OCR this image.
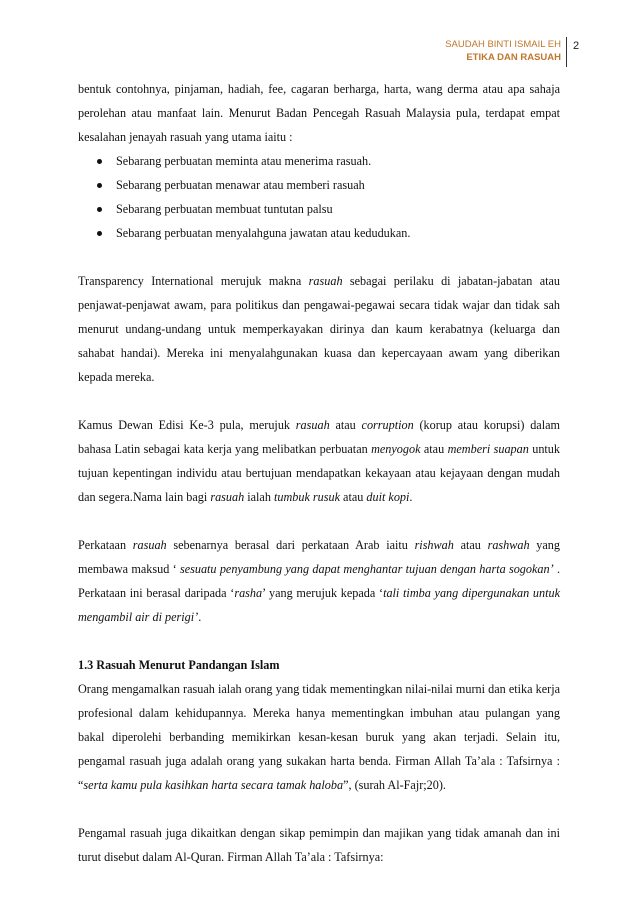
SAUDAH BINTI ISMAIL EH
ETIKA DAN RASUAH
2

bentuk contohnya, pinjaman, hadiah, fee, cagaran berharga, harta, wang derma atau apa sahaja perolehan atau manfaat lain. Menurut Badan Pencegah Rasuah Malaysia pula, terdapat empat kesalahan jenayah rasuah yang utama iaitu :

Sebarang perbuatan meminta atau menerima rasuah.
Sebarang perbuatan menawar atau memberi rasuah
Sebarang perbuatan membuat tuntutan palsu
Sebarang perbuatan menyalahguna jawatan atau kedudukan.

Transparency International merujuk makna rasuah sebagai perilaku di jabatan-jabatan atau penjawat-penjawat awam, para politikus dan pengawai-pegawai secara tidak wajar dan tidak sah menurut undang-undang untuk memperkayakan dirinya dan kaum kerabatnya (keluarga dan sahabat handai). Mereka ini menyalahgunakan kuasa dan kepercayaan awam yang diberikan kepada mereka.

Kamus Dewan Edisi Ke-3 pula, merujuk rasuah atau corruption (korup atau korupsi) dalam bahasa Latin sebagai kata kerja yang melibatkan perbuatan menyogok atau memberi suapan untuk tujuan kepentingan individu atau bertujuan mendapatkan kekayaan atau kejayaan dengan mudah dan segera.Nama lain bagi rasuah ialah tumbuk rusuk atau duit kopi.

Perkataan rasuah sebenarnya berasal dari perkataan Arab iaitu rishwah atau rashwah yang membawa maksud ‘ sesuatu penyambung yang dapat menghantar tujuan dengan harta sogokan’ . Perkataan ini berasal daripada ‘rasha’ yang merujuk kepada ‘tali timba yang dipergunakan untuk mengambil air di perigi’.

1.3 Rasuah Menurut Pandangan Islam

Orang mengamalkan rasuah ialah orang yang tidak mementingkan nilai-nilai murni dan etika kerja profesional dalam kehidupannya. Mereka hanya mementingkan imbuhan atau pulangan yang bakal diperolehi berbanding memikirkan kesan-kesan buruk yang akan terjadi. Selain itu, pengamal rasuah juga adalah orang yang sukakan harta benda. Firman Allah Ta’ala : Tafsirnya : “serta kamu pula kasihkan harta secara tamak haloba”, (surah Al-Fajr;20).

Pengamal rasuah juga dikaitkan dengan sikap pemimpin dan majikan yang tidak amanah dan ini turut disebut dalam Al-Quran. Firman Allah Ta’ala : Tafsirnya:
